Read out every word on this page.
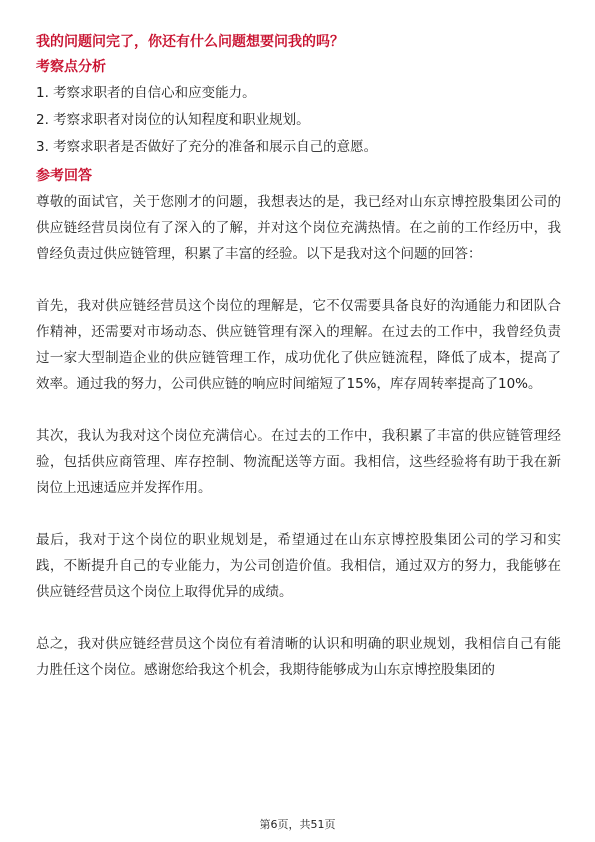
我的问题问完了，你还有什么问题想要问我的吗？

考察点分析

1. 考察求职者的自信心和应变能力。
2. 考察求职者对岗位的认知程度和职业规划。
3. 考察求职者是否做好了充分的准备和展示自己的意愿。

参考回答

尊敬的面试官，关于您刚才的问题，我想表达的是，我已经对山东京博控股集团公司的供应链经营员岗位有了深入的了解，并对这个岗位充满热情。在之前的工作经历中，我曾经负责过供应链管理，积累了丰富的经验。以下是我对这个问题的回答：

首先，我对供应链经营员这个岗位的理解是，它不仅需要具备良好的沟通能力和团队合作精神，还需要对市场动态、供应链管理有深入的理解。在过去的工作中，我曾经负责过一家大型制造企业的供应链管理工作，成功优化了供应链流程，降低了成本，提高了效率。通过我的努力，公司供应链的响应时间缩短了15%，库存周转率提高了10%。

其次，我认为我对这个岗位充满信心。在过去的工作中，我积累了丰富的供应链管理经验，包括供应商管理、库存控制、物流配送等方面。我相信，这些经验将有助于我在新岗位上迅速适应并发挥作用。

最后，我对于这个岗位的职业规划是，希望通过在山东京博控股集团公司的学习和实践，不断提升自己的专业能力，为公司创造价值。我相信，通过双方的努力，我能够在供应链经营员这个岗位上取得优异的成绩。

总之，我对供应链经营员这个岗位有着清晰的认识和明确的职业规划，我相信自己有能力胜任这个岗位。感谢您给我这个机会，我期待能够成为山东京博控股集团的

第6页，共51页
